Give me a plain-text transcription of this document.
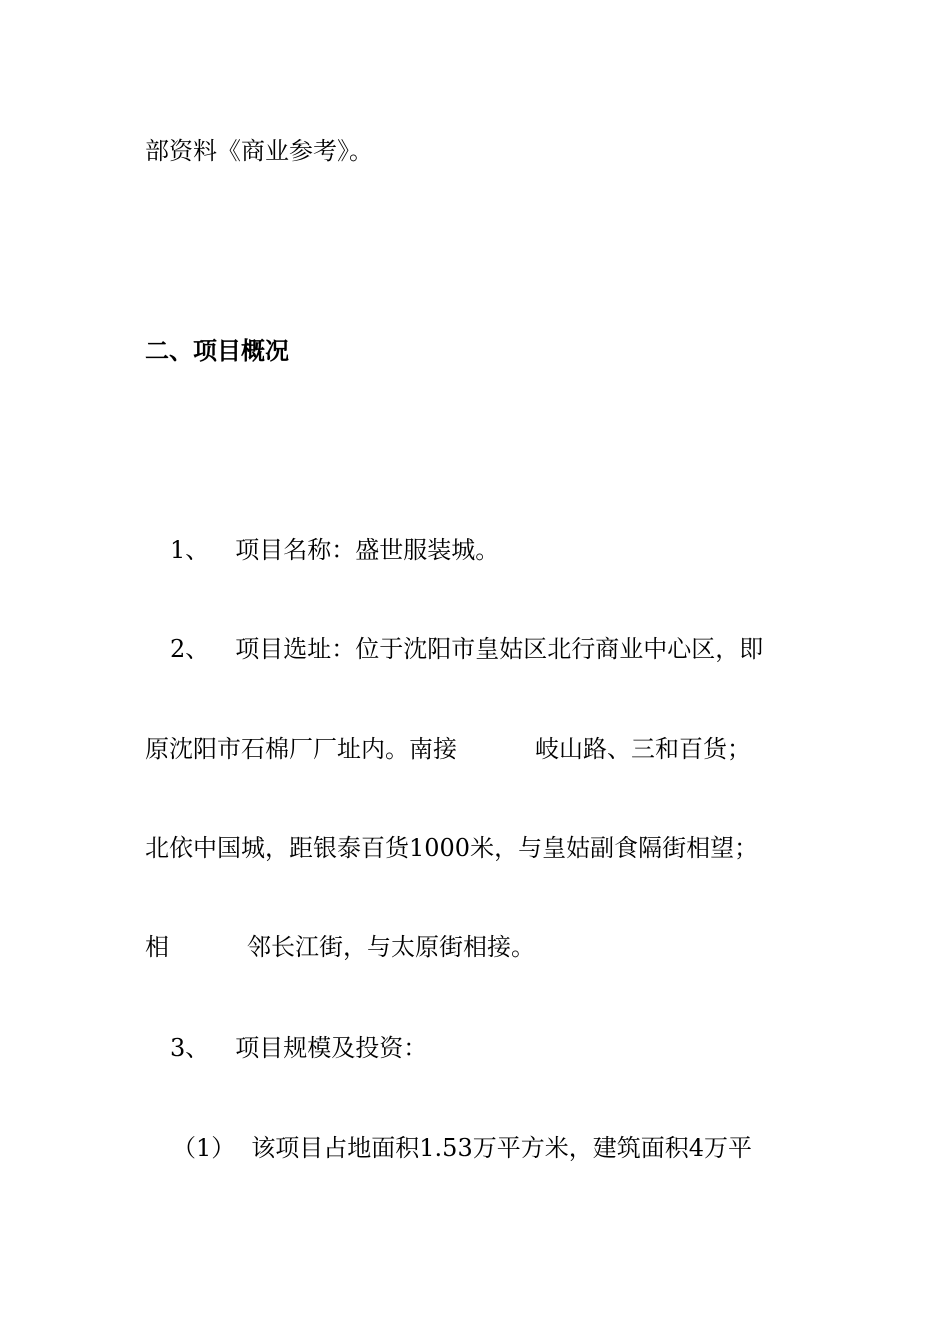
部资料《商业参考》。
二、项目概况
1、 项目名称：盛世服装城。
2、 项目选址：位于沈阳市皇姑区北行商业中心区，即
原沈阳市石棉厂厂址内。南接	岐山路、三和百货；
北依中国城，距银泰百货1000米，与皇姑副食隔街相望；
相	邻长江街，与太原街相接。
3、 项目规模及投资：
（1） 该项目占地面积1.53万平方米，建筑面积4万平
